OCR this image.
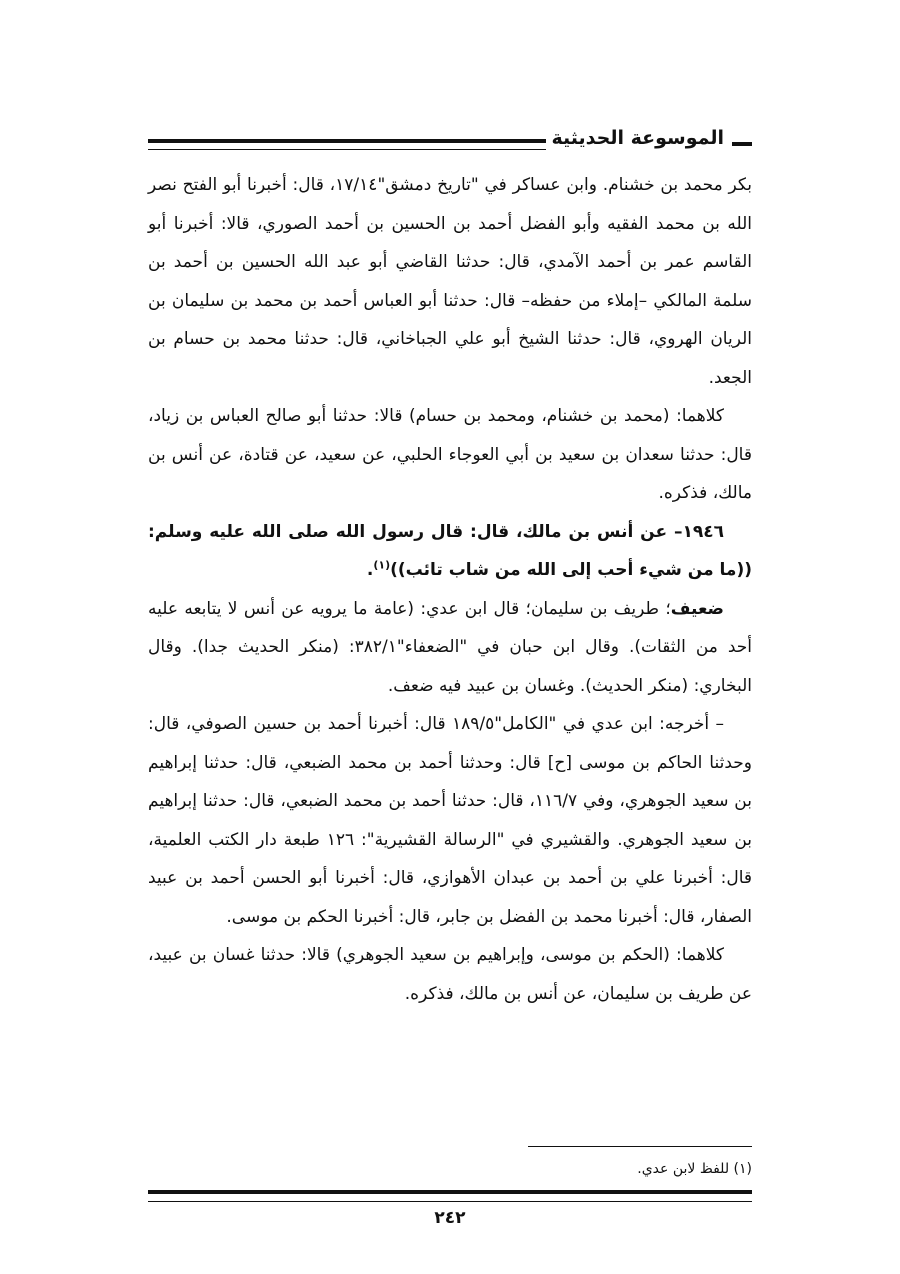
الموسوعة الحديثية

بكر محمد بن خشنام. وابن عساكر في "تاريخ دمشق"١٧/١٤، قال: أخبرنا أبو الفتح نصر الله بن محمد الفقيه وأبو الفضل أحمد بن الحسين بن أحمد الصوري، قالا: أخبرنا أبو القاسم عمر بن أحمد الآمدي، قال: حدثنا القاضي أبو عبد الله الحسين بن أحمد بن سلمة المالكي –إملاء من حفظه– قال: حدثنا أبو العباس أحمد بن محمد بن سليمان بن الريان الهروي، قال: حدثنا الشيخ أبو علي الجباخاني، قال: حدثنا محمد بن حسام بن الجعد.

كلاهما: (محمد بن خشنام، ومحمد بن حسام) قالا: حدثنا أبو صالح العباس بن زياد، قال: حدثنا سعدان بن سعيد بن أبي العوجاء الحلبي، عن سعيد، عن قتادة، عن أنس بن مالك، فذكره.

١٩٤٦– عن أنس بن مالك، قال: قال رسول الله صلى الله عليه وسلم: ((ما من شيء أحب إلى الله من شاب تائب))$^{(١)}$.

ضعيف؛ طريف بن سليمان؛ قال ابن عدي: (عامة ما يرويه عن أنس لا يتابعه عليه أحد من الثقات). وقال ابن حبان في "الضعفاء"٣٨٢/١: (منكر الحديث جدا). وقال البخاري: (منكر الحديث). وغسان بن عبيد فيه ضعف.

– أخرجه: ابن عدي في "الكامل"١٨٩/٥ قال: أخبرنا أحمد بن حسين الصوفي، قال: وحدثنا الحاكم بن موسى [ح] قال: وحدثنا أحمد بن محمد الضبعي، قال: حدثنا إبراهيم بن سعيد الجوهري، وفي ١١٦/٧، قال: حدثنا أحمد بن محمد الضبعي، قال: حدثنا إبراهيم بن سعيد الجوهري. والقشيري في "الرسالة القشيرية": ١٢٦ طبعة دار الكتب العلمية، قال: أخبرنا علي بن أحمد بن عبدان الأهوازي، قال: أخبرنا أبو الحسن أحمد بن عبيد الصفار، قال: أخبرنا محمد بن الفضل بن جابر، قال: أخبرنا الحكم بن موسى.

كلاهما: (الحكم بن موسى، وإبراهيم بن سعيد الجوهري) قالا: حدثنا غسان بن عبيد، عن طريف بن سليمان، عن أنس بن مالك، فذكره.

(١) للفظ لابن عدي.
٢٤٢
